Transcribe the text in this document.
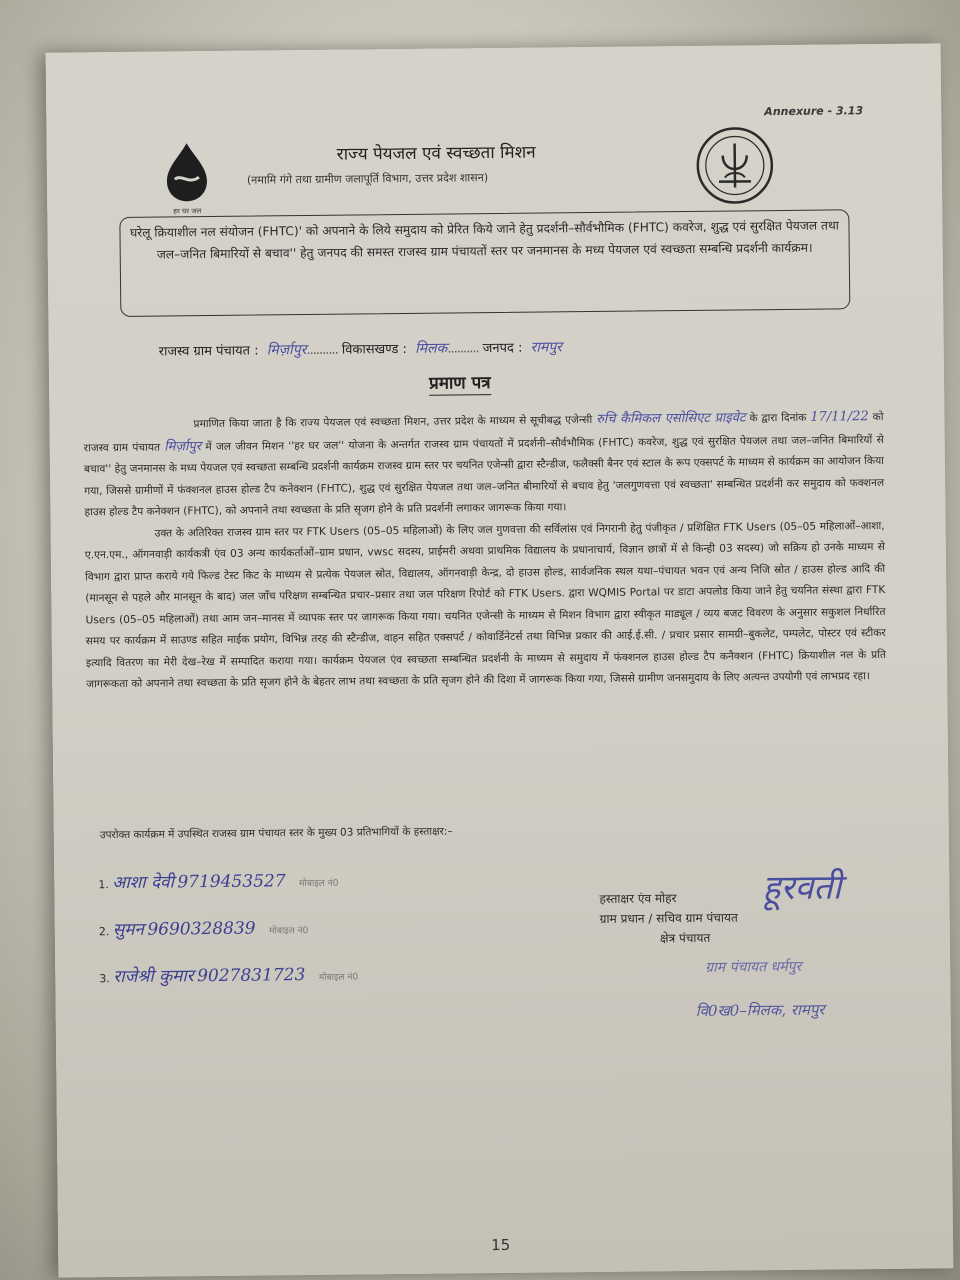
Annexure - 3.13
हर घर जल
राज्य पेयजल एवं स्वच्छता मिशन
(नमामि गंगे तथा ग्रामीण जलापूर्ति विभाग, उत्तर प्रदेश शासन)
घरेलू क्रियाशील नल संयोजन (FHTC)' को अपनाने के लिये समुदाय को प्रेरित किये जाने हेतु प्रदर्शनी–सौर्वभौमिक (FHTC) कवरेज, शुद्ध एवं सुरक्षित पेयजल तथा जल–जनित बिमारियों से बचाव'' हेतु जनपद की समस्त राजस्व ग्राम पंचायतों स्तर पर जनमानस के मध्य पेयजल एवं स्वच्छता सम्बन्धि प्रदर्शनी कार्यक्रम।
राजस्व ग्राम पंचायत : मिर्ज़ापुर.......... विकासखण्ड : मिलक.......... जनपद : रामपुर
प्रमाण पत्र
प्रमाणित किया जाता है कि राज्य पेयजल एवं स्वच्छता मिशन, उत्तर प्रदेश के माध्यम से सूचीबद्ध एजेन्सी रुचि कैमिकल एसोसिएट प्राइवेट के द्वारा दिनांक 17/11/22 को राजस्व ग्राम पंचायत मिर्ज़ापुर में जल जीवन मिशन ''हर घर जल'' योजना के अन्तर्गत राजस्व ग्राम पंचायतों में प्रदर्शनी–सौर्वभौमिक (FHTC) कवरेज, शुद्ध एवं सुरक्षित पेयजल तथा जल–जनित बिमारियों से बचाव'' हेतु जनमानस के मध्य पेयजल एवं स्वच्छता सम्बन्धि प्रदर्शनी कार्यक्रम राजस्व ग्राम स्तर पर चयनित एजेन्सी द्वारा स्टैन्डीज, फलैक्सी बैनर एवं स्टाल के रूप एक्सपर्ट के माध्यम से कार्यक्रम का आयोजन किया गया, जिससे ग्रामीणों में फंक्शनल हाउस होल्ड टैप कनेक्शन (FHTC), शुद्ध एवं सुरक्षित पेयजल तथा जल–जनित बीमारियों से बचाव हेतु 'जलगुणवत्ता एवं स्वच्छता' सम्बन्धित प्रदर्शनी कर समुदाय को फक्शनल हाउस होल्ड टैप कनेक्शन (FHTC), को अपनाने तथा स्वच्छता के प्रति सृजग होने के प्रति प्रदर्शनी लगाकर जागरूक किया गया।
उक्त के अतिरिक्त राजस्व ग्राम स्तर पर FTK Users (05–05 महिलाओं) के लिए जल गुणवत्ता की सर्विलांस एवं निगरानी हेतु पंजीकृत / प्रशिक्षित FTK Users (05–05 महिलाओं–आशा, ए.एन.एम., ऑगनवाड़ी कार्यकत्री एंव 03 अन्य कार्यकर्ताओं–ग्राम प्रधान, vwsc सदस्य, प्राईमरी अथवा प्राथमिक विद्यालय के प्रधानाचार्य, विज्ञान छात्रों में से किन्ही 03 सदस्य) जो सक्रिय हो उनके माध्यम से विभाग द्वारा प्राप्त कराये गये फिल्ड टेस्ट किट के माध्यम से प्रत्येक पेयजल स्रोत, विद्यालय, ऑगनवाड़ी केन्द्र, दो हाउस होल्ड, सार्वजनिक स्थल यथा–पंचायत भवन एवं अन्य निजि स्रोत / हाउस होल्ड आदि की (मानसून से पहले और मानसून के बाद) जल जाँच परिक्षण सम्बन्धित प्रचार–प्रसार तथा जल परिक्षण रिपोर्ट को FTK Users. द्वारा WQMIS Portal पर डाटा अपलोड किया जाने हेतु चयनित संस्था द्वारा FTK Users (05–05 महिलाओं) तथा आम जन–मानस में व्यापक स्तर पर जागरूक किया गया। चयनित एजेन्सी के माध्यम से मिशन विभाग द्वारा स्वीकृत माड्यूल / व्यय बजट विवरण के अनुसार सकुशल निर्धारित समय पर कार्यक्रम में साउण्ड सहित माईक प्रयोग, विभिन्न तरह की स्टैन्डीज, वाहन सहित एक्सपर्ट / कोवार्डिनेटर्स तथा विभिन्न प्रकार की आई.ई.सी. / प्रचार प्रसार सामग्री–बुकलेट, पम्पलेट, पोस्टर एवं स्टीकर इत्यादि वितरण का मेरी देख–रेख में सम्पादित कराया गया। कार्यक्रम पेयजल एंव स्वच्छता सम्बन्धित प्रदर्शनी के माध्यम से समुदाय में फंक्शनल हाउस होल्ड टैप कनैक्शन (FHTC) क्रियाशील नल के प्रति जागरूकता को अपनाने तथा स्वच्छता के प्रति सृजग होने के बेहतर लाभ तथा स्वच्छता के प्रति सृजग होने की दिशा में जागरूक किया गया, जिससे ग्रामीण जनसमुदाय के लिए अत्यन्त उपयोगी एवं लाभप्रद रहा।
उपरोक्त कार्यक्रम में उपस्थित राजस्व ग्राम पंचायत स्तर के मुख्य 03 प्रतिभागियों के हस्ताक्षर:–
1. आशा देवी 9719453527 मोबाइल नं0
2. सुमन 9690328839 मोबाइल नं0
3. राजेश्री कुमार 9027831723 मोबाइल नं0
हूरवती
हस्ताक्षर एंव मोहर
ग्राम प्रधान / सचिव ग्राम पंचायत
क्षेत्र पंचायत
ग्राम पंचायत धर्मपुर
वि0ख0–मिलक, रामपुर
15
